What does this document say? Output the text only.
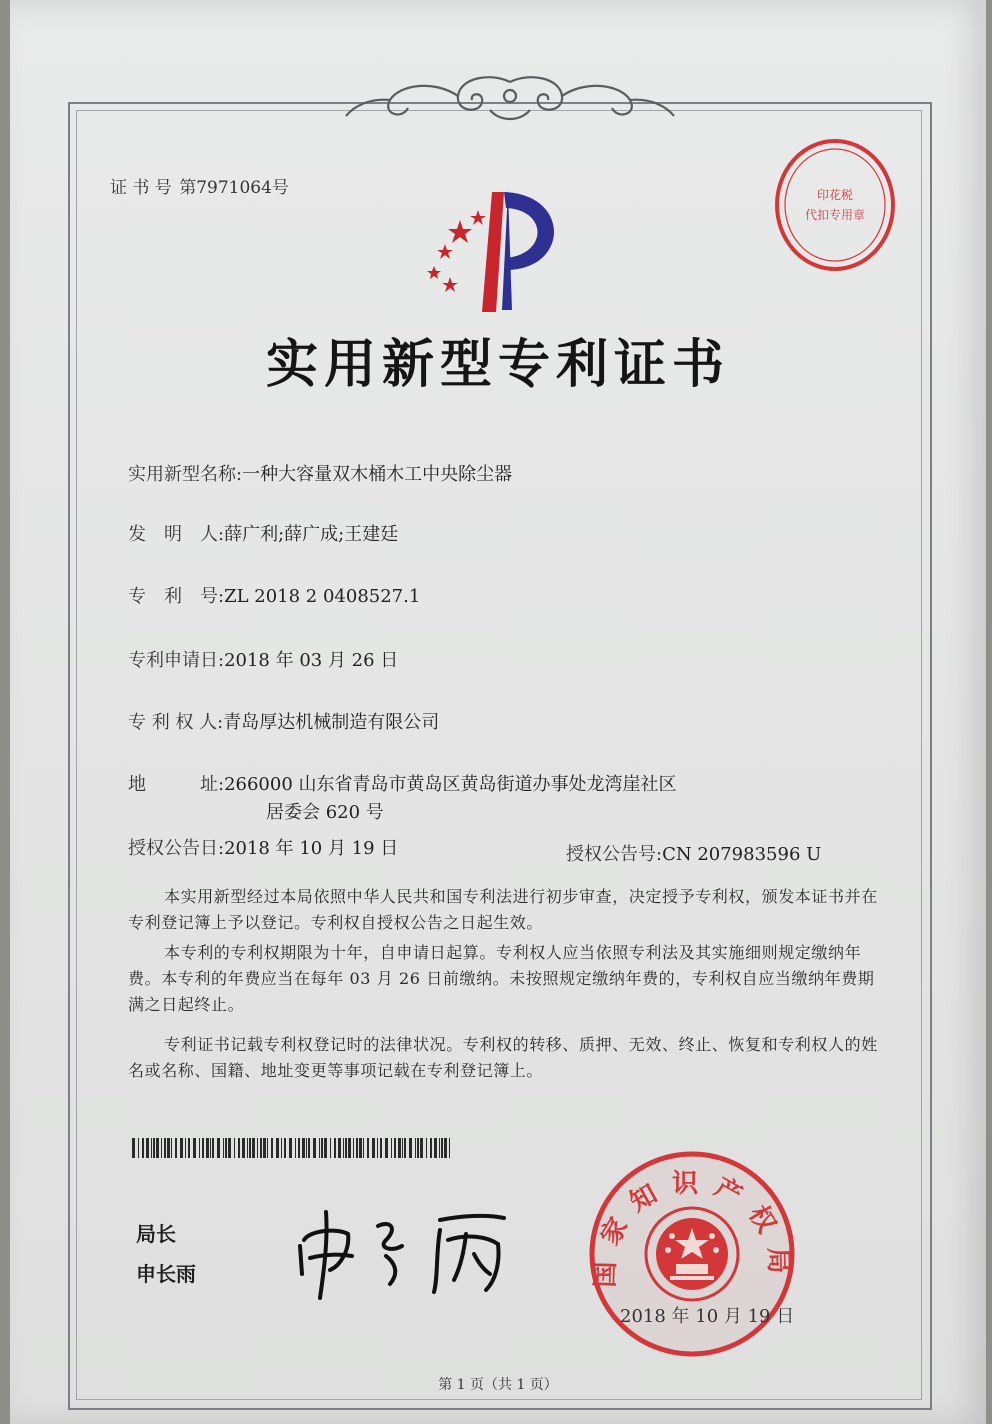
证 书 号 第7971064号
实用新型专利证书
印花税
代扣专用章
实用新型名称:一种大容量双木桶木工中央除尘器
发　明　人:薛广利;薛广成;王建廷
专　利　号:ZL 2018 2 0408527.1
专利申请日:2018 年 03 月 26 日
专 利 权 人:青岛厚达机械制造有限公司
地　　　址:266000 山东省青岛市黄岛区黄岛街道办事处龙湾崖社区
居委会 620 号
授权公告日:2018 年 10 月 19 日	授权公告号:CN 207983596 U
本实用新型经过本局依照中华人民共和国专利法进行初步审查，决定授予专利权，颁发本证书并在专利登记簿上予以登记。专利权自授权公告之日起生效。
本专利的专利权期限为十年，自申请日起算。专利权人应当依照专利法及其实施细则规定缴纳年费。本专利的年费应当在每年 03 月 26 日前缴纳。未按照规定缴纳年费的，专利权自应当缴纳年费期满之日起终止。
专利证书记载专利权登记时的法律状况。专利权的转移、质押、无效、终止、恢复和专利权人的姓名或名称、国籍、地址变更等事项记载在专利登记簿上。
局长
申长雨	国家知识产权局
2018 年 10 月 19 日
第 1 页（共 1 页）
